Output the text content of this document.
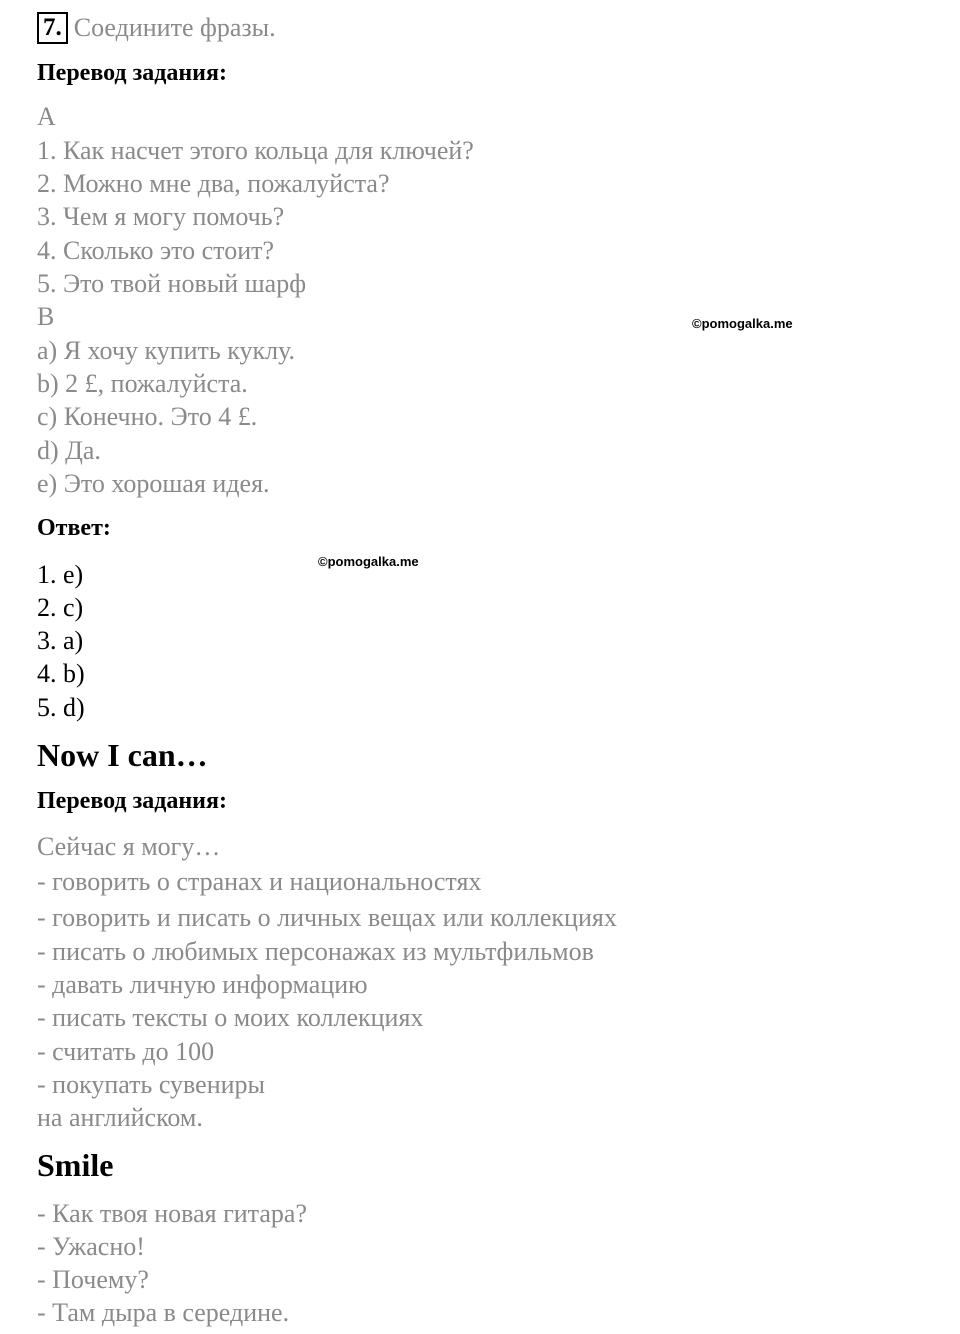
7. Соедините фразы.
Перевод задания:
A
1. Как насчет этого кольца для ключей?
2. Можно мне два, пожалуйста?
3. Чем я могу помочь?
4. Сколько это стоит?
5. Это твой новый шарф
B
a) Я хочу купить куклу.
b) 2 £, пожалуйста.
c) Конечно. Это 4 £.
d) Да.
e) Это хорошая идея.
Ответ:
1. e)
2. c)
3. a)
4. b)
5. d)
Now I can…
Перевод задания:
Сейчас я могу…
- говорить о странах и национальностях
- говорить и писать о личных вещах или коллекциях
- писать о любимых персонажах из мультфильмов
- давать личную информацию
- писать тексты о моих коллекциях
- считать до 100
- покупать сувениры
на английском.
Smile
- Как твоя новая гитара?
- Ужасно!
- Почему?
- Там дыра в середине.
©pomogalka.me
©pomogalka.me
